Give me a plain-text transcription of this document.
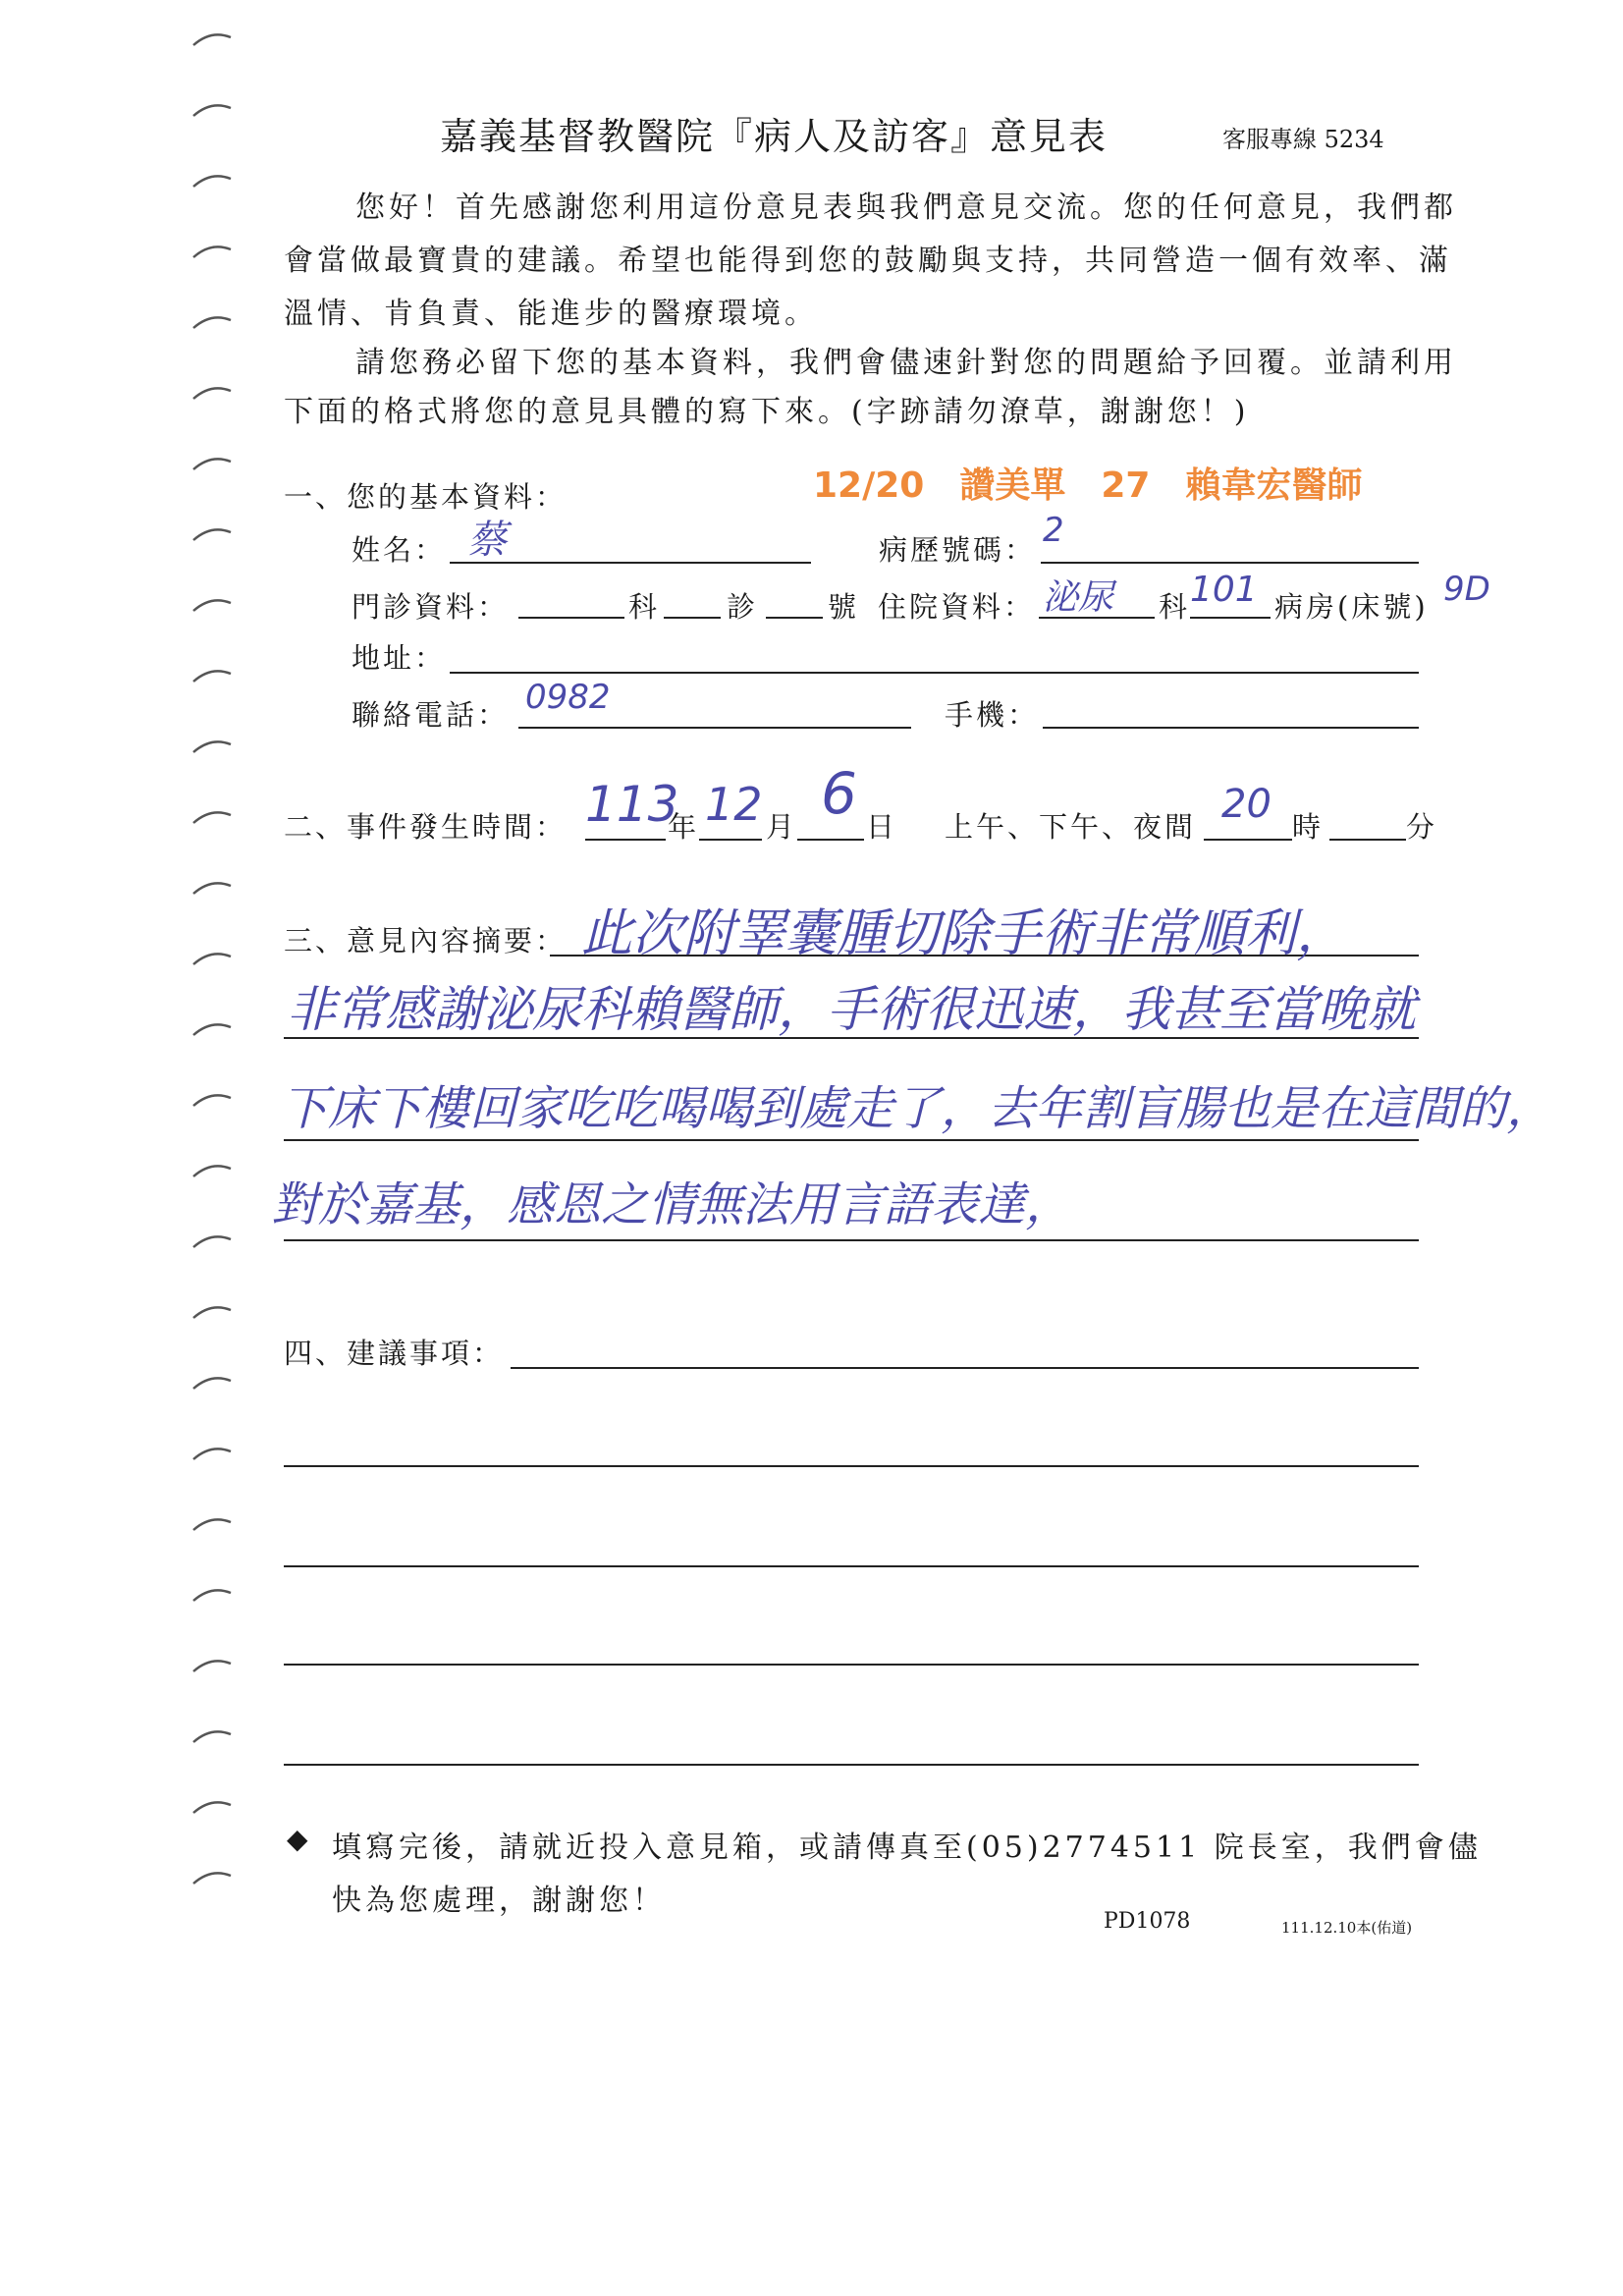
嘉義基督教醫院『病人及訪客』意見表	客服專線 5234
您好！首先感謝您利用這份意見表與我們意見交流。您的任何意見，我們都
會當做最寶貴的建議。希望也能得到您的鼓勵與支持，共同營造一個有效率、滿
溫情、肯負責、能進步的醫療環境。
請您務必留下您的基本資料，我們會儘速針對您的問題給予回覆。並請利用
下面的格式將您的意見具體的寫下來。(字跡請勿潦草，謝謝您！)
12/20　讚美單　27　賴韋宏醫師
一、您的基本資料：
姓名： 蔡	病歷號碼： 2
門診資料：	科 診 號 住院資料： 泌尿 科 101 病房(床號) 9D
地址：
聯絡電話： 0982	手機：
二、事件發生時間： 113
年 12 月 6 日 上午、下午、夜間 20 時	分
三、意見內容摘要： 此次附睪囊腫切除手術非常順利，
非常感謝泌尿科賴醫師，手術很迅速，我甚至當晚就
下床下樓回家吃吃喝喝到處走了，去年割盲腸也是在這間的，
對於嘉基，感恩之情無法用言語表達，
四、建議事項：
◆ 填寫完後，請就近投入意見箱，或請傳真至(05)2774511 院長室，我們會儘
快為您處理，謝謝您！
PD1078	111.12.10本(佑道)
